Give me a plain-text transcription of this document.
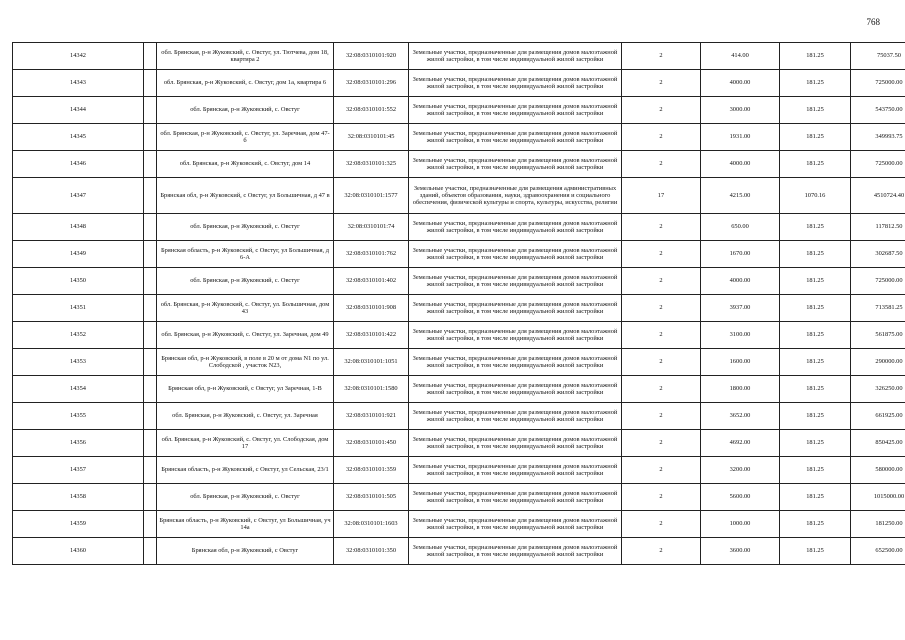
768
14342		обл. Брянская, р-н Жуковский, с. Овстуг, ул. Тютчева, дом 18, квартира 2	32:08:0310101:920	Земельные участки, предназначенные для размещения домов малоэтажной жилой застройки, в том числе индивидуальной жилой застройки	2	414.00	181.25	75037.50
14343		обл. Брянская, р-н Жуковский, с. Овстуг, дом 1а, квартира 6	32:08:0310101:296	Земельные участки, предназначенные для размещения домов малоэтажной жилой застройки, в том числе индивидуальной жилой застройки	2	4000.00	181.25	725000.00
14344		обл. Брянская, р-н Жуковский, с. Овстуг	32:08:0310101:552	Земельные участки, предназначенные для размещения домов малоэтажной жилой застройки, в том числе индивидуальной жилой застройки	2	3000.00	181.25	543750.00
14345		обл. Брянская, р-н Жуковский, с. Овстуг, ул. Заречная, дом 47-б	32:08:0310101:45	Земельные участки, предназначенные для размещения домов малоэтажной жилой застройки, в том числе индивидуальной жилой застройки	2	1931.00	181.25	349993.75
14346		обл. Брянская, р-н Жуковский, с. Овстуг, дом 14	32:08:0310101:325	Земельные участки, предназначенные для размещения домов малоэтажной жилой застройки, в том числе индивидуальной жилой застройки	2	4000.00	181.25	725000.00
14347		Брянская обл, р-н Жуковский, с Овстуг, ул Большичная, д 47 в	32:08:0310101:1577	Земельные участки, предназначенные для размещения административных зданий, объектов образования, науки, здравоохранения и социального обеспечения, физической культуры и спорта, культуры, искусства, религии	17	4215.00	1070.16	4510724.40
14348		обл. Брянская, р-н Жуковский, с. Овстуг	32:08:0310101:74	Земельные участки, предназначенные для размещения домов малоэтажной жилой застройки, в том числе индивидуальной жилой застройки	2	650.00	181.25	117812.50
14349		Брянская область, р-н Жуковский, с Овстуг, ул Большичная, д 6-А	32:08:0310101:762	Земельные участки, предназначенные для размещения домов малоэтажной жилой застройки, в том числе индивидуальной жилой застройки	2	1670.00	181.25	302687.50
14350		обл. Брянская, р-н Жуковский, с. Овстуг	32:08:0310101:402	Земельные участки, предназначенные для размещения домов малоэтажной жилой застройки, в том числе индивидуальной жилой застройки	2	4000.00	181.25	725000.00
14351		обл. Брянская, р-н Жуковский, с. Овстуг, ул. Большичная, дом 43	32:08:0310101:908	Земельные участки, предназначенные для размещения домов малоэтажной жилой застройки, в том числе индивидуальной жилой застройки	2	3937.00	181.25	713581.25
14352		обл. Брянская, р-н Жуковский, с. Овстуг, ул. Заречная, дом 49	32:08:0310101:422	Земельные участки, предназначенные для размещения домов малоэтажной жилой застройки, в том числе индивидуальной жилой застройки	2	3100.00	181.25	561875.00
14353		Брянская обл, р-н Жуковский, в поле в 20 м от дома N1 по ул. Слободской , участок N23,	32:08:0310101:1051	Земельные участки, предназначенные для размещения домов малоэтажной жилой застройки, в том числе индивидуальной жилой застройки	2	1600.00	181.25	290000.00
14354		Брянская обл, р-н Жуковский, с Овстуг, ул Заречная, 1-В	32:08:0310101:1580	Земельные участки, предназначенные для размещения домов малоэтажной жилой застройки, в том числе индивидуальной жилой застройки	2	1800.00	181.25	326250.00
14355		обл. Брянская, р-н Жуковский, с. Овстуг, ул. Заречная	32:08:0310101:921	Земельные участки, предназначенные для размещения домов малоэтажной жилой застройки, в том числе индивидуальной жилой застройки	2	3652.00	181.25	661925.00
14356		обл. Брянская, р-н Жуковский, с. Овстуг, ул. Слободская, дом 17	32:08:0310101:450	Земельные участки, предназначенные для размещения домов малоэтажной жилой застройки, в том числе индивидуальной жилой застройки	2	4692.00	181.25	850425.00
14357		Брянская область, р-н Жуковский, с Овстуг, ул Сельская, 23/1	32:08:0310101:359	Земельные участки, предназначенные для размещения домов малоэтажной жилой застройки, в том числе индивидуальной жилой застройки	2	3200.00	181.25	580000.00
14358		обл. Брянская, р-н Жуковский, с. Овстуг	32:08:0310101:505	Земельные участки, предназначенные для размещения домов малоэтажной жилой застройки, в том числе индивидуальной жилой застройки	2	5600.00	181.25	1015000.00
14359		Брянская область, р-н Жуковский, с Овстуг, ул Большичная, уч 14а	32:08:0310101:1603	Земельные участки, предназначенные для размещения домов малоэтажной жилой застройки, в том числе индивидуальной жилой застройки	2	1000.00	181.25	181250.00
14360		Брянская обл, р-н Жуковский, с Овстуг	32:08:0310101:350	Земельные участки, предназначенные для размещения домов малоэтажной жилой застройки, в том числе индивидуальной жилой застройки	2	3600.00	181.25	652500.00
